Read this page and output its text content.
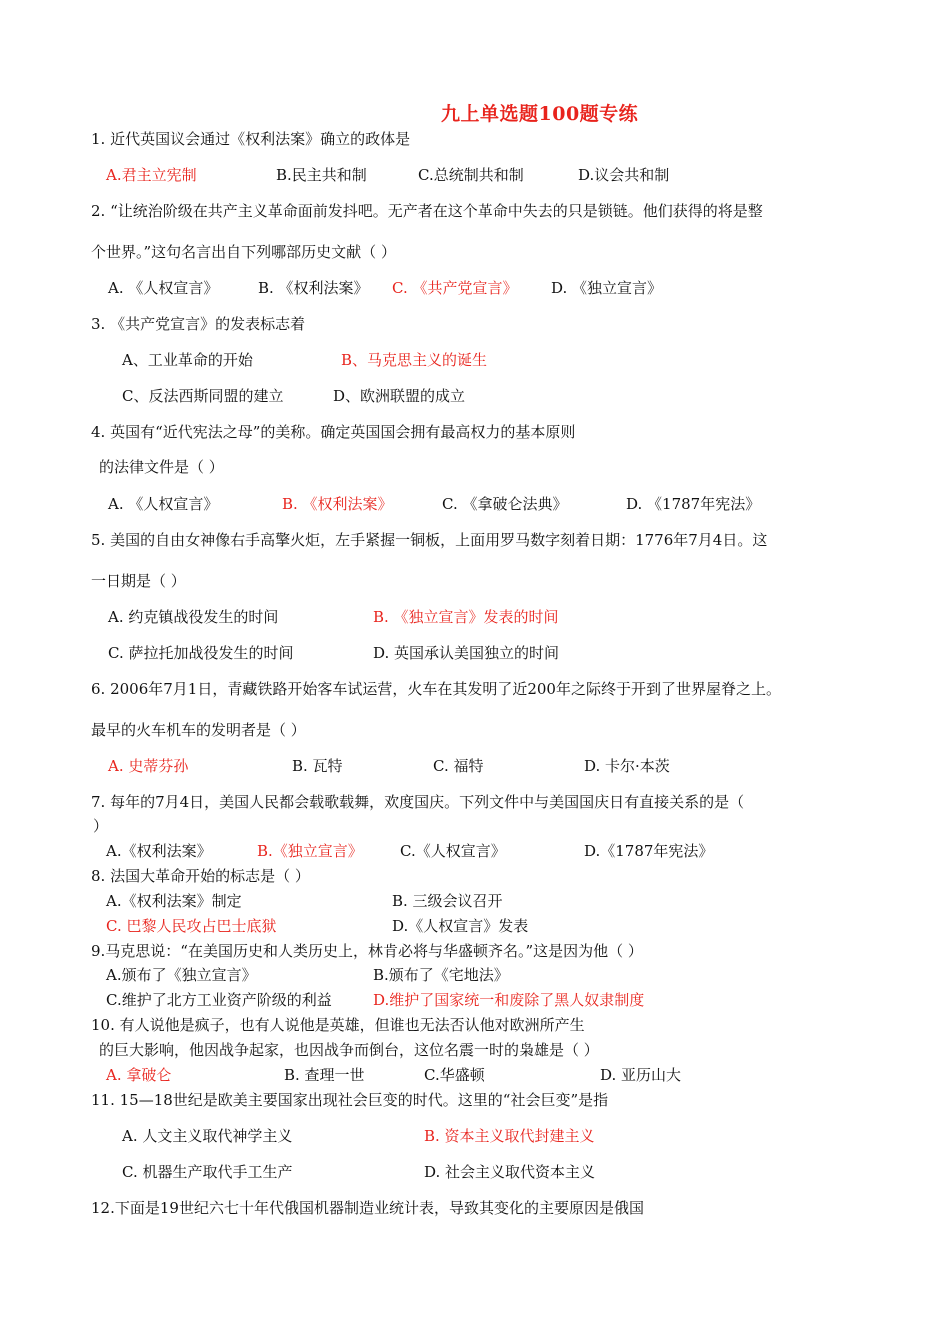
九上单选题100题专练
1. 近代英国议会通过《权利法案》确立的政体是
A.君主立宪制	B.民主共和制	C.总统制共和制	D.议会共和制
2. “让统治阶级在共产主义革命面前发抖吧。无产者在这个革命中失去的只是锁链。他们获得的将是整
个世界。”这句名言出自下列哪部历史文献（ ）
A. 《人权宣言》	B. 《权利法案》 C. 《共产党宣言》 D. 《独立宣言》
3. 《共产党宣言》的发表标志着
A、工业革命的开始	B、马克思主义的诞生
C、反法西斯同盟的建立	D、欧洲联盟的成立
4. 英国有“近代宪法之母”的美称。确定英国国会拥有最高权力的基本原则
的法律文件是（ ）
A. 《人权宣言》	B. 《权利法案》	C. 《拿破仑法典》	D. 《1787年宪法》
5. 美国的自由女神像右手高擎火炬，左手紧握一铜板，上面用罗马数字刻着日期：1776年7月4日。这
一日期是（ ）
A. 约克镇战役发生的时间	B. 《独立宣言》发表的时间
C. 萨拉托加战役发生的时间	D. 英国承认美国独立的时间
6. 2006年7月1日，青藏铁路开始客车试运营，火车在其发明了近200年之际终于开到了世界屋脊之上。
最早的火车机车的发明者是（ ）
A. 史蒂芬孙	B. 瓦特	C. 福特	D. 卡尔·本茨
7. 每年的7月4日，美国人民都会载歌载舞，欢度国庆。下列文件中与美国国庆日有直接关系的是（
）
A.《权利法案》	B.《独立宣言》 C.《人权宣言》	D.《1787年宪法》
8. 法国大革命开始的标志是（ ）
A.《权利法案》制定	B. 三级会议召开
C. 巴黎人民攻占巴士底狱	D.《人权宣言》发表
9.马克思说：“在美国历史和人类历史上，林肯必将与华盛顿齐名。”这是因为他（ ）
A.颁布了《独立宣言》	B.颁布了《宅地法》
C.维护了北方工业资产阶级的利益	D.维护了国家统一和废除了黑人奴隶制度
10. 有人说他是疯子，也有人说他是英雄，但谁也无法否认他对欧洲所产生
的巨大影响，他因战争起家，也因战争而倒台，这位名震一时的枭雄是（ ）
A. 拿破仑	B. 查理一世	C.华盛顿	D. 亚历山大
11. 15—18世纪是欧美主要国家出现社会巨变的时代。这里的“社会巨变”是指
A. 人文主义取代神学主义	B. 资本主义取代封建主义
C. 机器生产取代手工生产	D. 社会主义取代资本主义
12.下面是19世纪六七十年代俄国机器制造业统计表，导致其变化的主要原因是俄国
